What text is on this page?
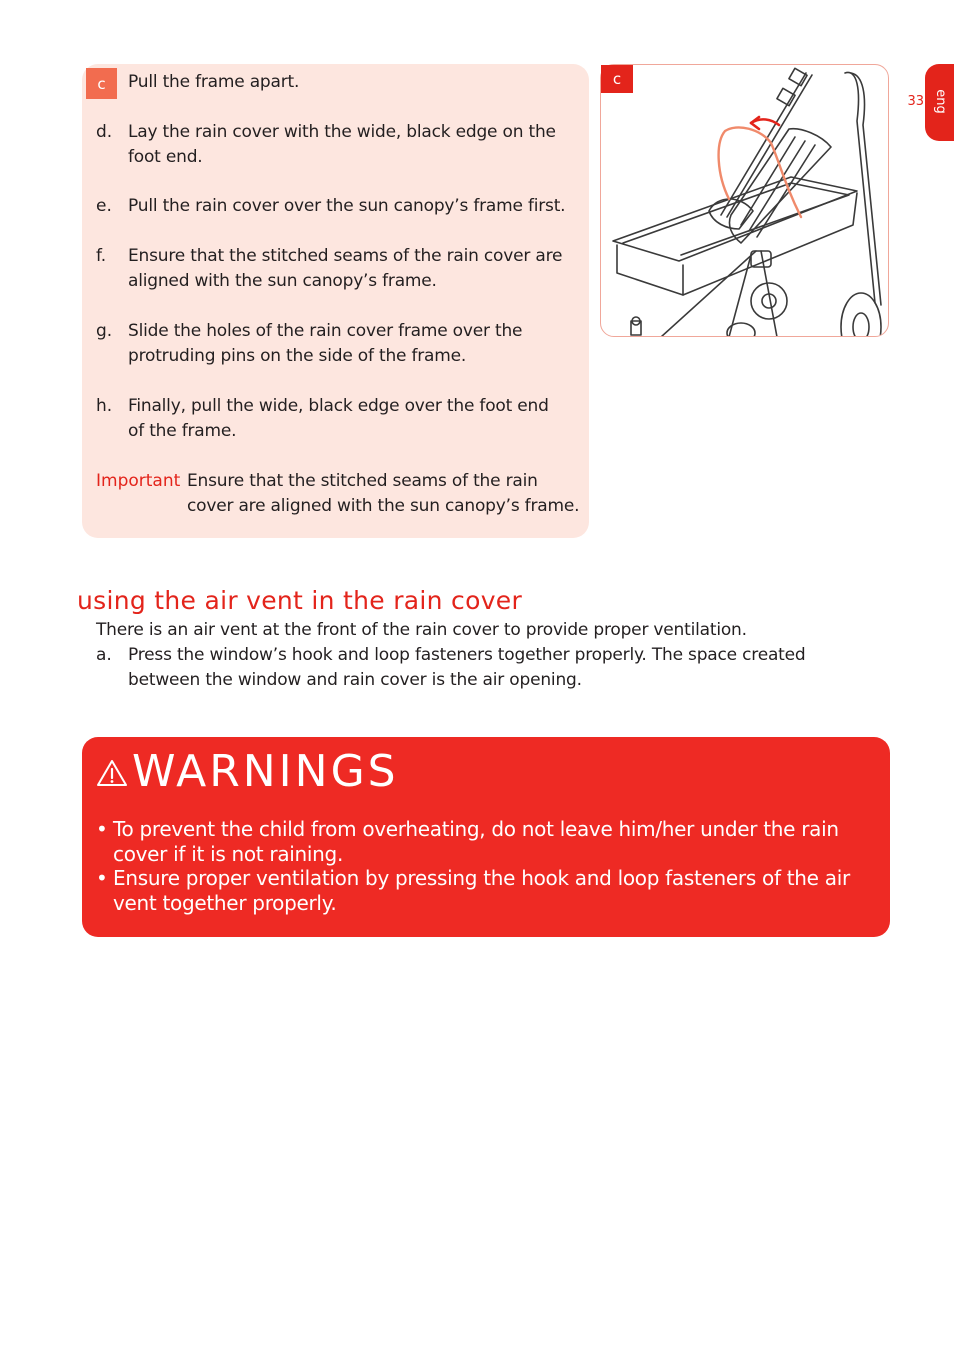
c	Pull the frame apart.
d. Lay the rain cover with the wide, black edge on the foot end.
e. Pull the rain cover over the sun canopy’s frame first.
f. Ensure that the stitched seams of the rain cover are aligned with the sun canopy’s frame.
g. Slide the holes of the rain cover frame over the protruding pins on the side of the frame.
h. Finally, pull the wide, black edge over the foot end of the frame.
Important Ensure that the stitched seams of the rain cover are aligned with the sun canopy’s frame.
c
33 eng
using the air vent in the rain cover
There is an air vent at the front of the rain cover to provide proper ventilation.
a. Press the window’s hook and loop fasteners together properly. The space created between the window and rain cover is the air opening.
WARNINGS
• To prevent the child from overheating, do not leave him/her under the rain cover if it is not raining.
• Ensure proper ventilation by pressing the hook and loop fasteners of the air vent together properly.
